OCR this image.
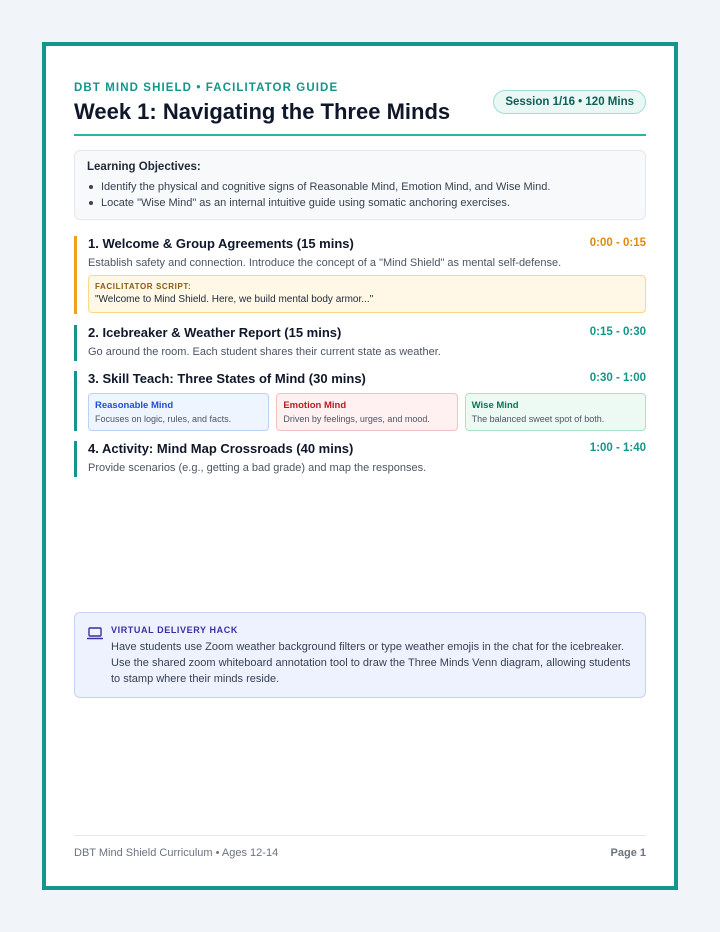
DBT MIND SHIELD • FACILITATOR GUIDE
Week 1: Navigating the Three Minds	Session 1/16 • 120 Mins
Learning Objectives:
Identify the physical and cognitive signs of Reasonable Mind, Emotion Mind, and Wise Mind.
Locate "Wise Mind" as an internal intuitive guide using somatic anchoring exercises.
1. Welcome & Group Agreements (15 mins)	0:00 - 0:15
Establish safety and connection. Introduce the concept of a "Mind Shield" as mental self-defense.
FACILITATOR SCRIPT:
"Welcome to Mind Shield. Here, we build mental body armor..."
2. Icebreaker & Weather Report (15 mins)	0:15 - 0:30
Go around the room. Each student shares their current state as weather.
3. Skill Teach: Three States of Mind (30 mins)	0:30 - 1:00
Reasonable Mind
Focuses on logic, rules, and facts.
Emotion Mind
Driven by feelings, urges, and mood.
Wise Mind
The balanced sweet spot of both.
4. Activity: Mind Map Crossroads (40 mins)	1:00 - 1:40
Provide scenarios (e.g., getting a bad grade) and map the responses.
VIRTUAL DELIVERY HACK
Have students use Zoom weather background filters or type weather emojis in the chat for the icebreaker. Use the shared zoom whiteboard annotation tool to draw the Three Minds Venn diagram, allowing students to stamp where their minds reside.
DBT Mind Shield Curriculum • Ages 12-14	Page 1
